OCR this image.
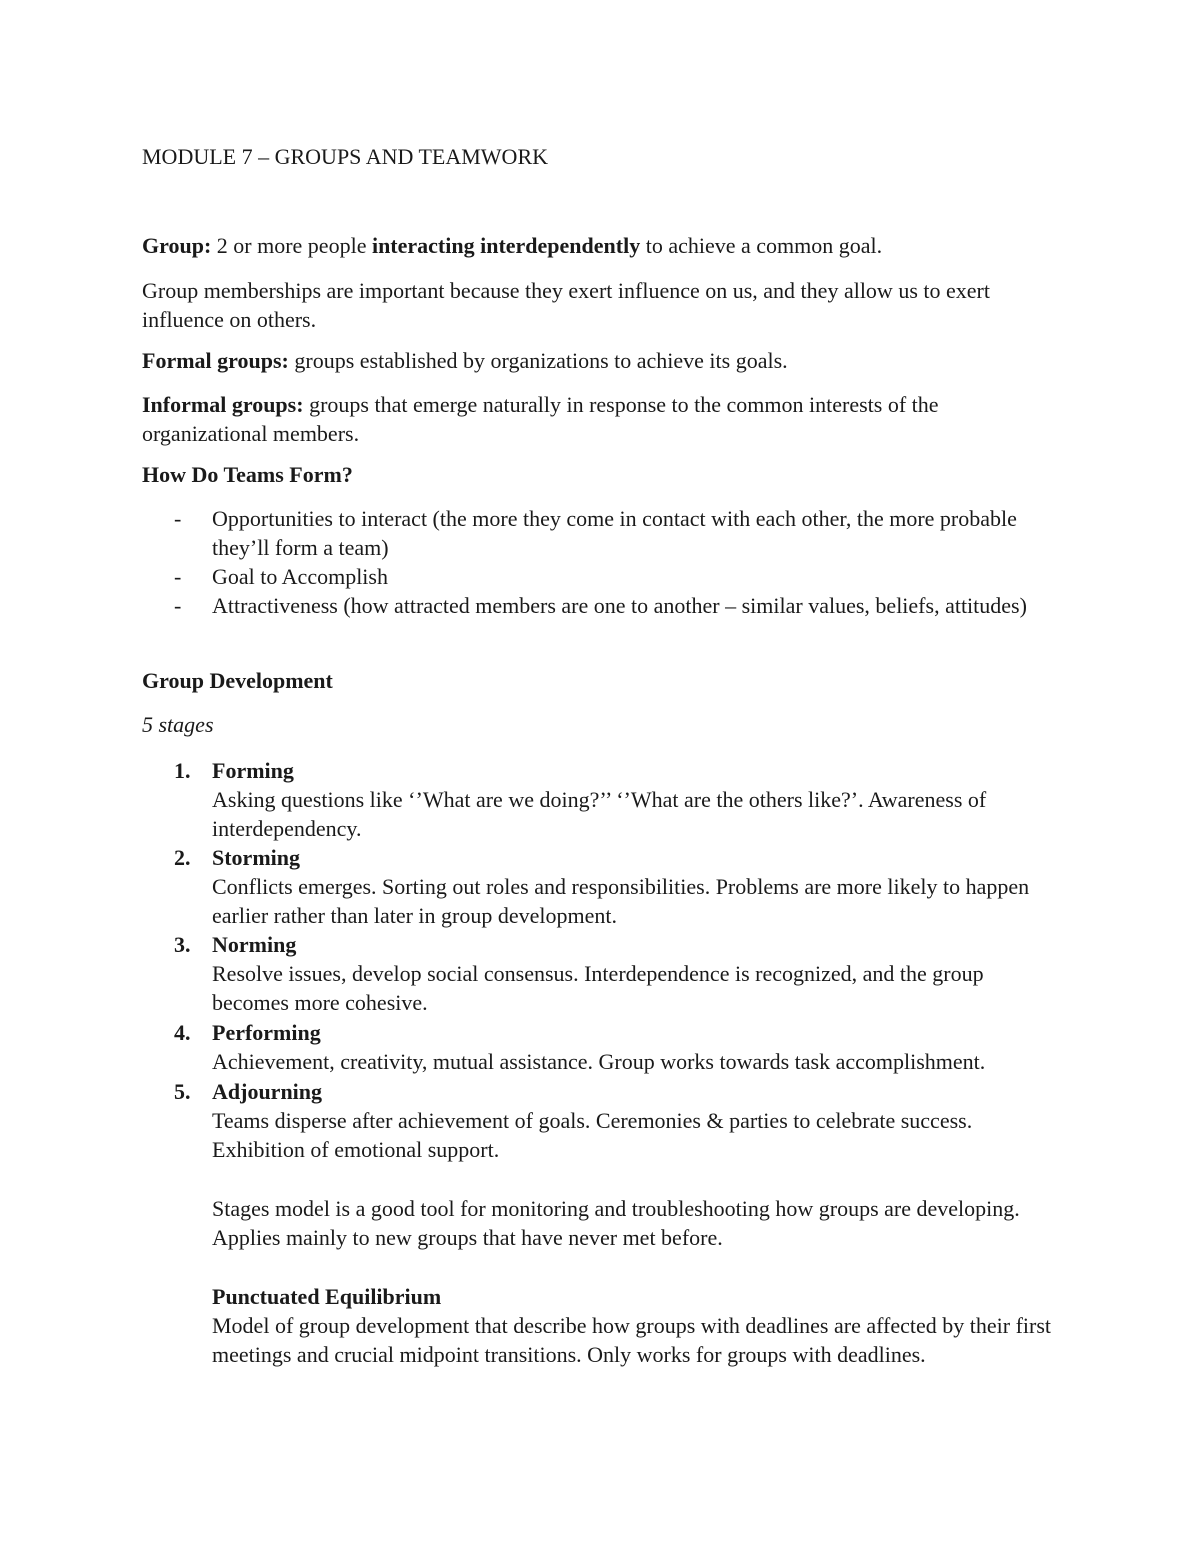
MODULE 7 – GROUPS AND TEAMWORK

Group: 2 or more people interacting interdependently to achieve a common goal.

Group memberships are important because they exert influence on us, and they allow us to exert influence on others.

Formal groups: groups established by organizations to achieve its goals.

Informal groups: groups that emerge naturally in response to the common interests of the organizational members.

How Do Teams Form?

- Opportunities to interact (the more they come in contact with each other, the more probable they’ll form a team)

- Goal to Accomplish

- Attractiveness (how attracted members are one to another – similar values, beliefs, attitudes)

Group Development

5 stages

1. Forming

Asking questions like ‘’What are we doing?’’ ‘’What are the others like?’. Awareness of interdependency.

2. Storming

Conflicts emerges. Sorting out roles and responsibilities. Problems are more likely to happen earlier rather than later in group development.

3. Norming

Resolve issues, develop social consensus. Interdependence is recognized, and the group becomes more cohesive.

4. Performing

Achievement, creativity, mutual assistance. Group works towards task accomplishment.

5. Adjourning

Teams disperse after achievement of goals. Ceremonies & parties to celebrate success. Exhibition of emotional support.

Stages model is a good tool for monitoring and troubleshooting how groups are developing. Applies mainly to new groups that have never met before.

Punctuated Equilibrium

Model of group development that describe how groups with deadlines are affected by their first meetings and crucial midpoint transitions. Only works for groups with deadlines.
